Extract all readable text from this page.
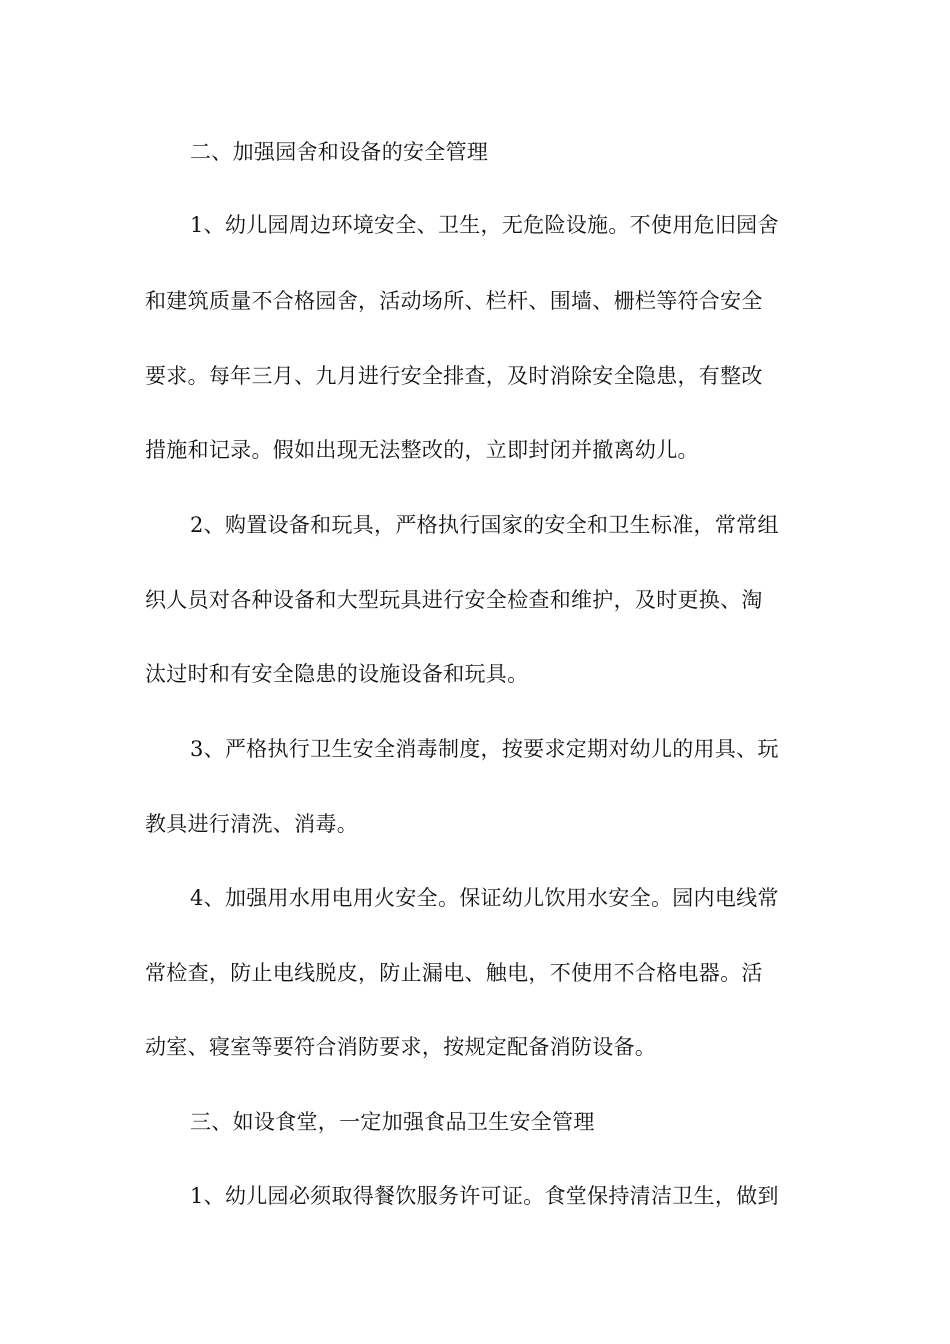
二、加强园舍和设备的安全管理
1、幼儿园周边环境安全、卫生，无危险设施。不使用危旧园舍
和建筑质量不合格园舍，活动场所、栏杆、围墙、栅栏等符合安全
要求。每年三月、九月进行安全排查，及时消除安全隐患，有整改
措施和记录。假如出现无法整改的，立即封闭并撤离幼儿。
2、购置设备和玩具，严格执行国家的安全和卫生标准，常常组
织人员对各种设备和大型玩具进行安全检查和维护，及时更换、淘
汰过时和有安全隐患的设施设备和玩具。
3、严格执行卫生安全消毒制度，按要求定期对幼儿的用具、玩
教具进行清洗、消毒。
4、加强用水用电用火安全。保证幼儿饮用水安全。园内电线常
常检查，防止电线脱皮，防止漏电、触电，不使用不合格电器。活
动室、寝室等要符合消防要求，按规定配备消防设备。
三、如设食堂，一定加强食品卫生安全管理
1、幼儿园必须取得餐饮服务许可证。食堂保持清洁卫生，做到
